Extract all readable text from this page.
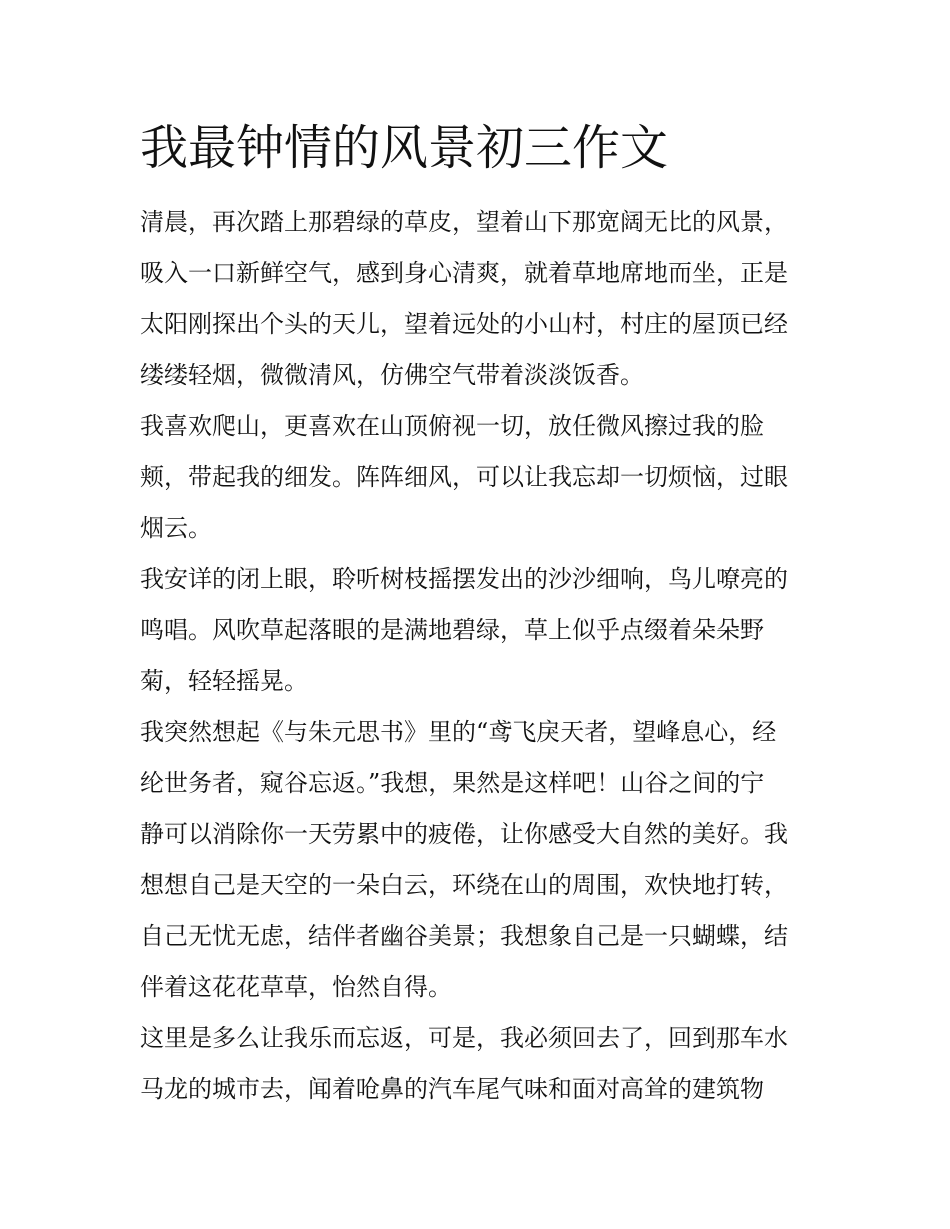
我最钟情的风景初三作文

清晨，再次踏上那碧绿的草皮，望着山下那宽阔无比的风景，
吸入一口新鲜空气，感到身心清爽，就着草地席地而坐，正是
太阳刚探出个头的天儿，望着远处的小山村，村庄的屋顶已经
缕缕轻烟，微微清风，仿佛空气带着淡淡饭香。

我喜欢爬山，更喜欢在山顶俯视一切，放任微风擦过我的脸
颊，带起我的细发。阵阵细风，可以让我忘却一切烦恼，过眼
烟云。

我安详的闭上眼，聆听树枝摇摆发出的沙沙细响，鸟儿嘹亮的
鸣唱。风吹草起落眼的是满地碧绿，草上似乎点缀着朵朵野
菊，轻轻摇晃。

我突然想起《与朱元思书》里的“鸢飞戾天者，望峰息心，经
纶世务者，窥谷忘返。”我想，果然是这样吧！山谷之间的宁
静可以消除你一天劳累中的疲倦，让你感受大自然的美好。我
想想自己是天空的一朵白云，环绕在山的周围，欢快地打转，
自己无忧无虑，结伴者幽谷美景；我想象自己是一只蝴蝶，结
伴着这花花草草，怡然自得。

这里是多么让我乐而忘返，可是，我必须回去了，回到那车水
马龙的城市去，闻着呛鼻的汽车尾气味和面对高耸的建筑物
